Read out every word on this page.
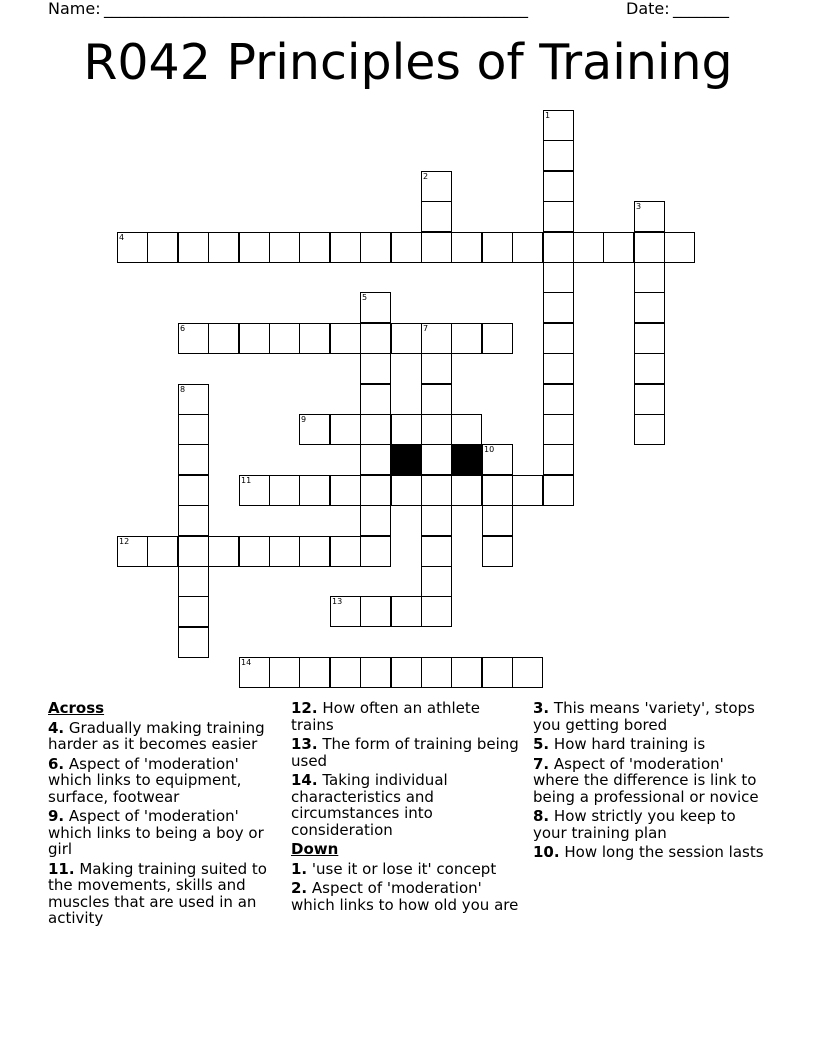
Name: _____________________________________________________	Date: _______
R042 Principles of Training
4
6	7
9
11
12
13
14
1
2
3
5
8
10
Across
4. Gradually making training harder as it becomes easier
6. Aspect of 'moderation' which links to equipment, surface, footwear
9. Aspect of 'moderation' which links to being a boy or girl
11. Making training suited to the movements, skills and muscles that are used in an activity
12. How often an athlete trains
13. The form of training being used
14. Taking individual characteristics and circumstances into consideration
Down
1. 'use it or lose it' concept
2. Aspect of 'moderation' which links to how old you are
3. This means 'variety', stops you getting bored
5. How hard training is
7. Aspect of 'moderation' where the difference is link to being a professional or novice
8. How strictly you keep to your training plan
10. How long the session lasts
